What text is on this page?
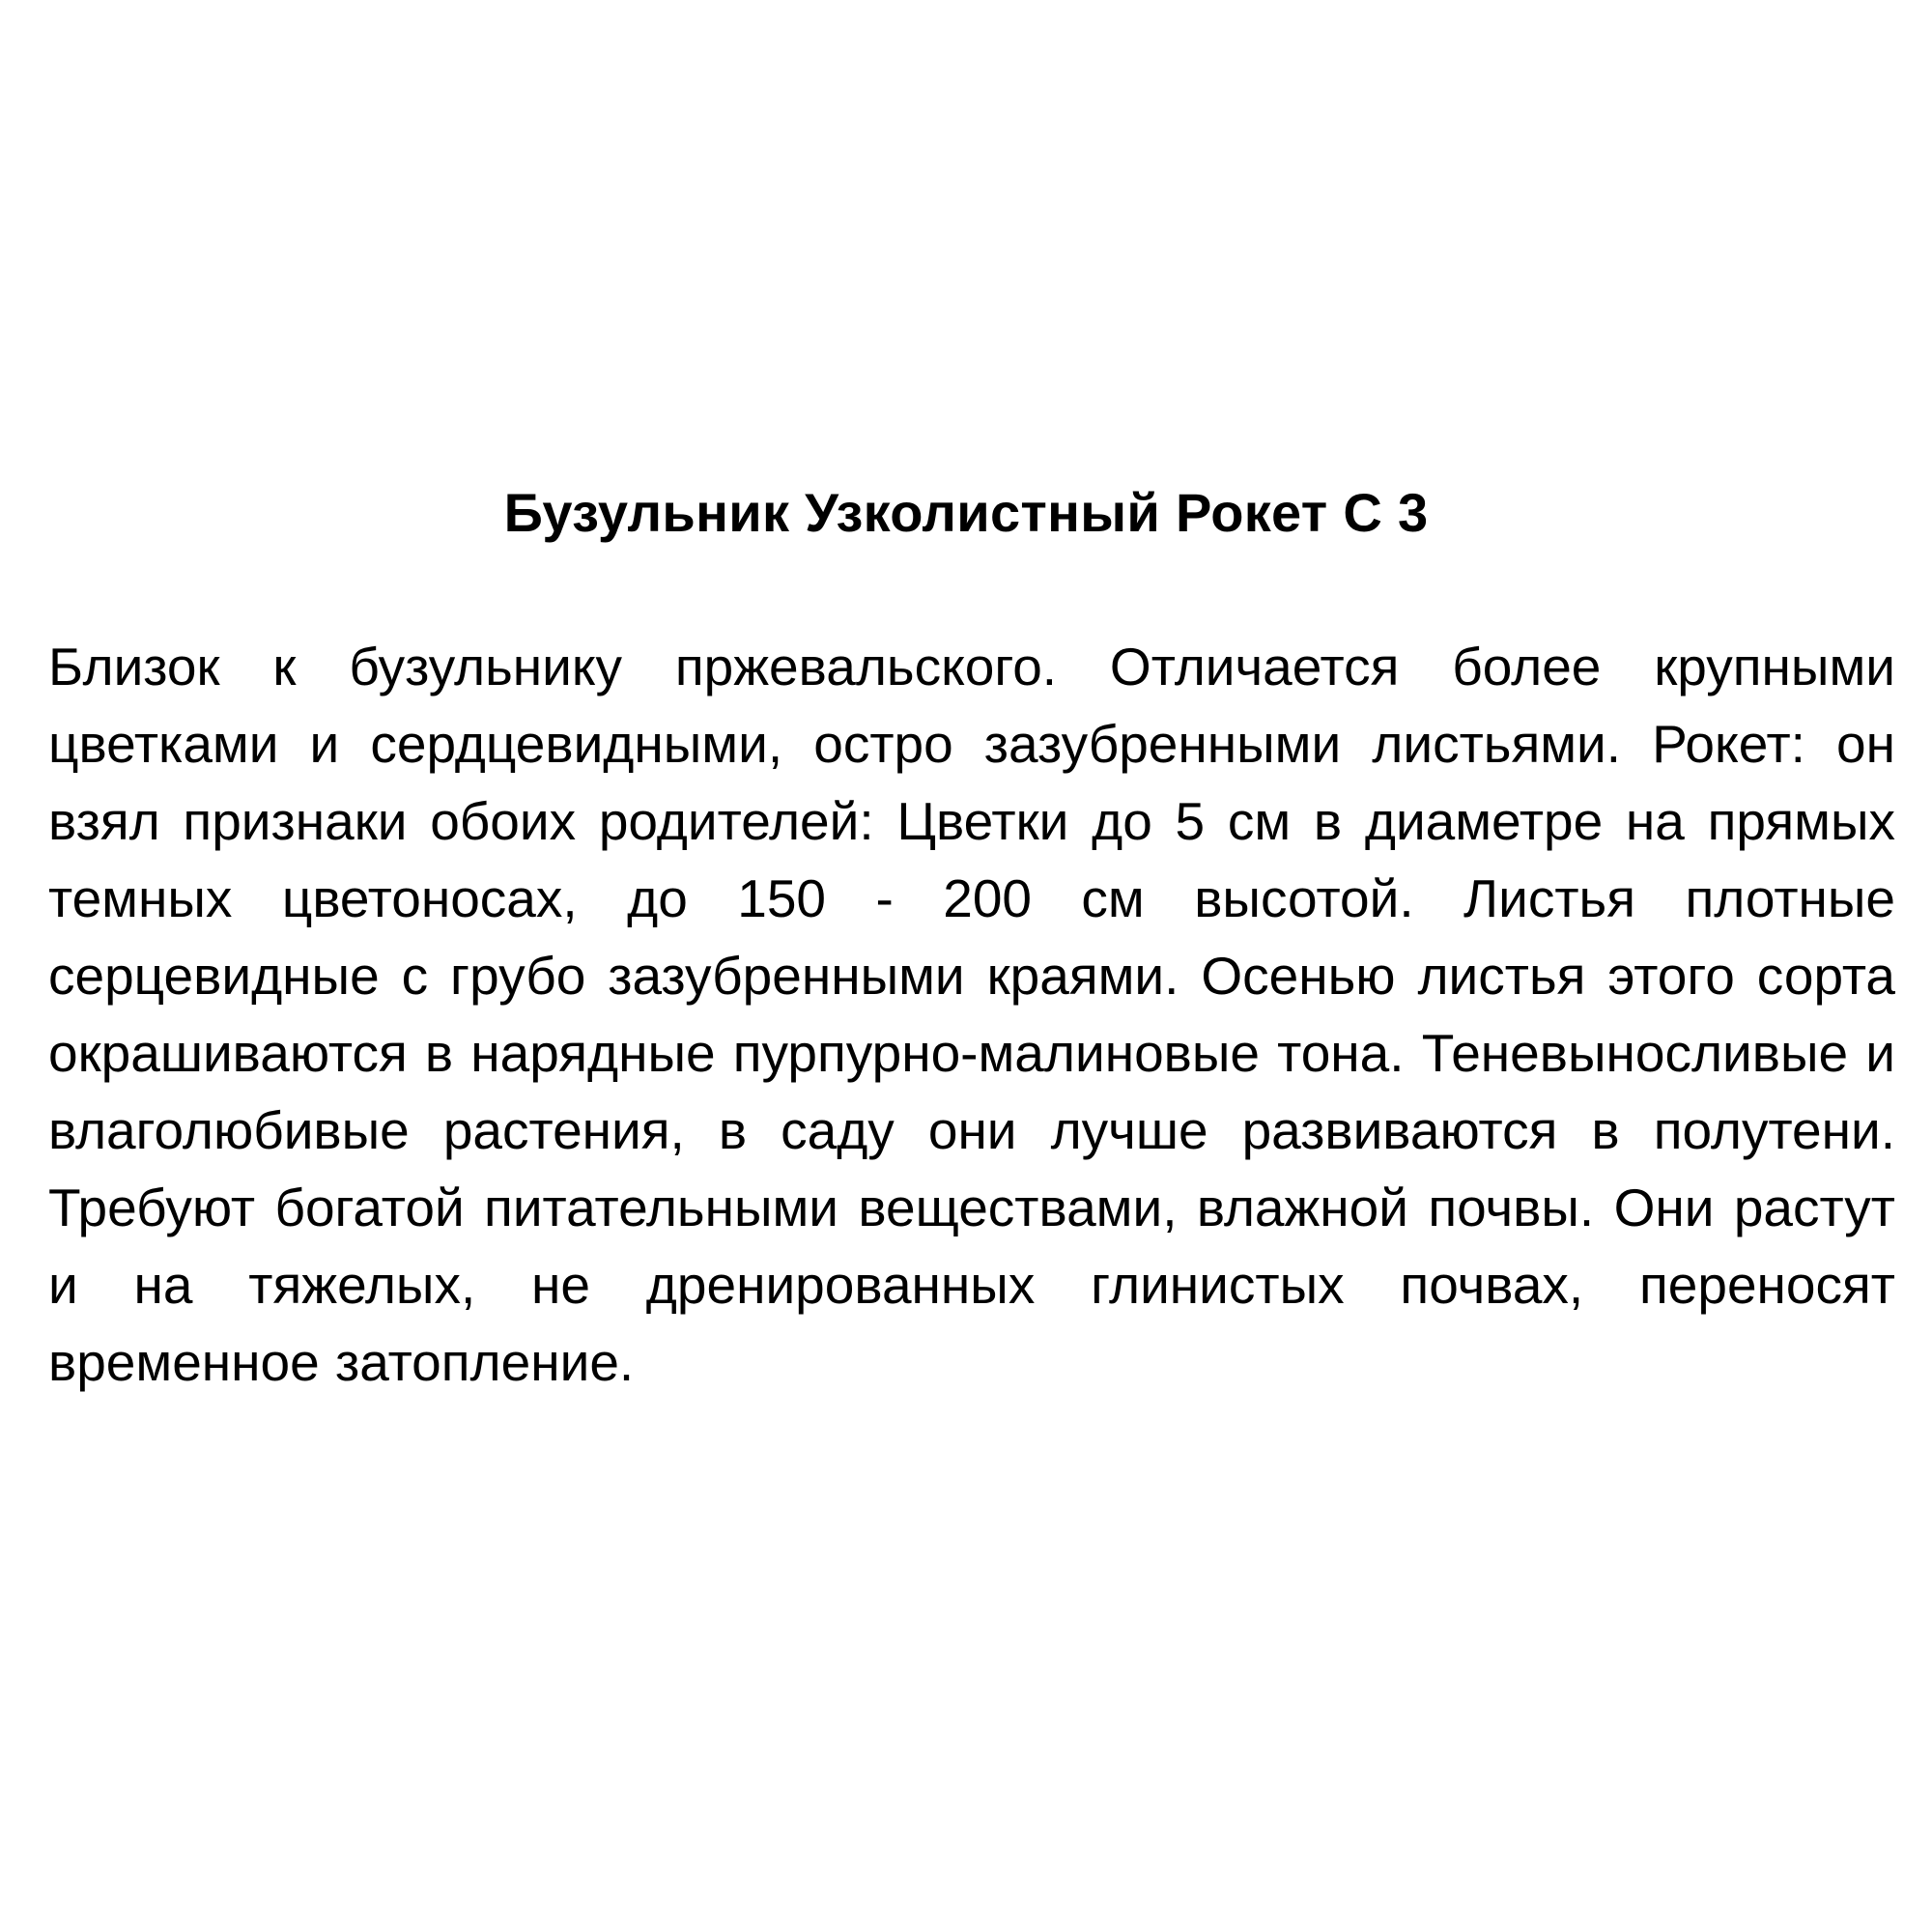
Бузульник Узколистный Рокет С 3

Близок к бузульнику пржевальского. Отличается более крупными цветками и сердцевидными, остро зазубренными листьями. Рокет: он взял признаки обоих родителей: Цветки до 5 см в диаметре на прямых темных цветоносах, до 150 - 200 см высотой. Листья плотные серцевидные с грубо зазубренными краями. Осенью листья этого сорта окрашиваются в нарядные пурпурно-малиновые тона. Теневыносливые и влаголюбивые растения, в саду они лучше развиваются в полутени. Требуют богатой питательными веществами, влажной почвы. Они растут и на тяжелых, не дренированных глинистых почвах, переносят временное затопление.
